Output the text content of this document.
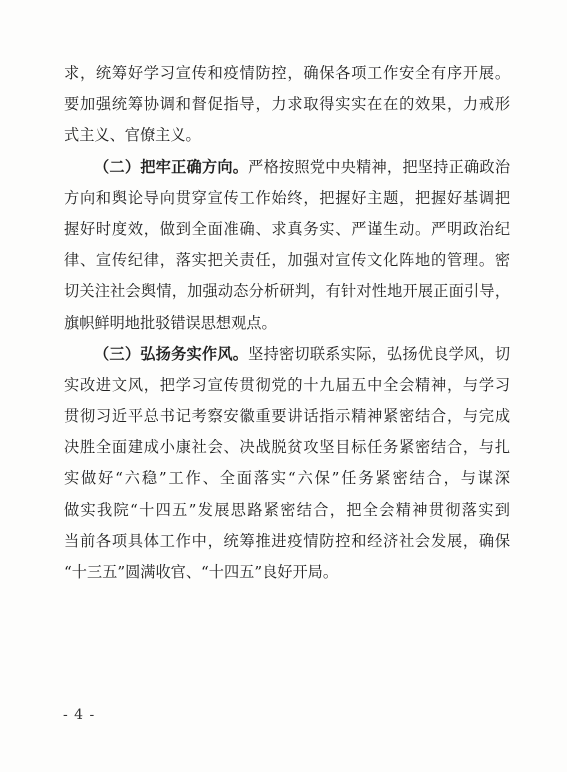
求，统筹好学习宣传和疫情防控，确保各项工作安全有序开展。
要加强统筹协调和督促指导，力求取得实实在在的效果，力戒形
式主义、官僚主义。
（二）把牢正确方向。严格按照党中央精神，把坚持正确政治
方向和舆论导向贯穿宣传工作始终，把握好主题，把握好基调把
握好时度效，做到全面准确、求真务实、严谨生动。严明政治纪
律、宣传纪律，落实把关责任，加强对宣传文化阵地的管理。密
切关注社会舆情，加强动态分析研判，有针对性地开展正面引导，
旗帜鲜明地批驳错误思想观点。
（三）弘扬务实作风。坚持密切联系实际，弘扬优良学风，切
实改进文风，把学习宣传贯彻党的十九届五中全会精神，与学习
贯彻习近平总书记考察安徽重要讲话指示精神紧密结合，与完成
决胜全面建成小康社会、决战脱贫攻坚目标任务紧密结合，与扎
实做好“六稳”工作、全面落实“六保”任务紧密结合，与谋深
做实我院“十四五”发展思路紧密结合，把全会精神贯彻落实到
当前各项具体工作中，统筹推进疫情防控和经济社会发展，确保
“十三五”圆满收官、“十四五”良好开局。
- 4 -
